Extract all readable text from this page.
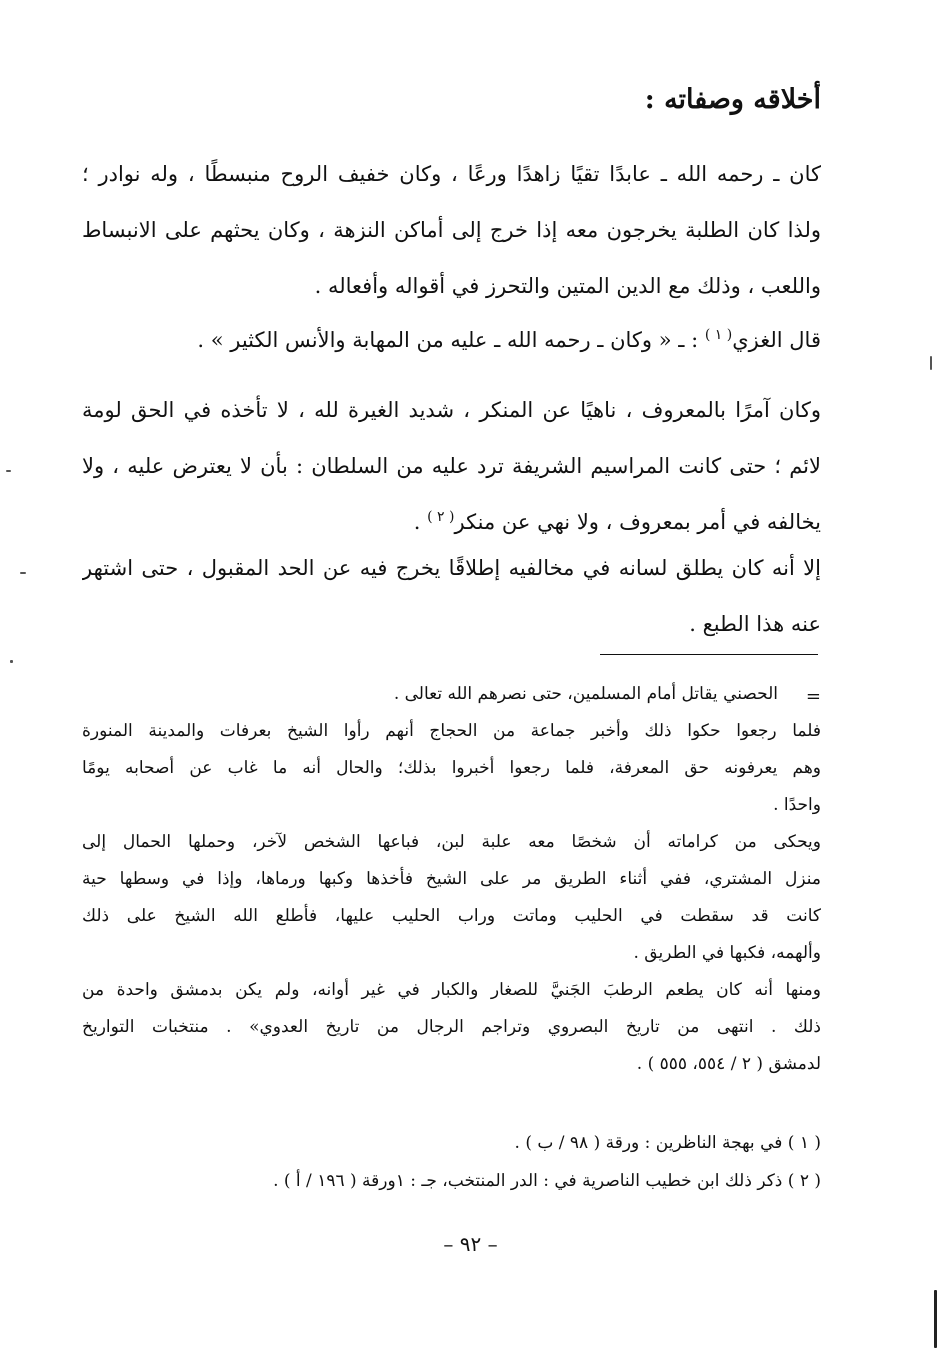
أخلاقه وصفاته :

كان ـ رحمه الله ـ عابدًا تقيًا زاهدًا ورعًا ، وكان خفيف الروح منبسطًا ، وله نوادر ؛
ولذا كان الطلبة يخرجون معه إذا خرج إلى أماكن النزهة ، وكان يحثهم على الانبساط
واللعب ، وذلك مع الدين المتين والتحرز في أقواله وأفعاله .

قال الغزي$^{( ١ )}$ : ـ « وكان ـ رحمه الله ـ عليه من المهابة والأنس الكثير » .

وكان آمرًا بالمعروف ، ناهيًا عن المنكر ، شديد الغيرة لله ، لا تأخذه في الحق لومة
لائم ؛ حتى كانت المراسيم الشريفة ترد عليه من السلطان : بأن لا يعترض عليه ، ولا
يخالفه في أمر بمعروف ، ولا نهي عن منكر$^{( ٢ )}$ .

إلا أنه كان يطلق لسانه في مخالفيه إطلاقًا يخرج فيه عن الحد المقبول ، حتى اشتهر
عنه هذا الطبع .

=
الحصني يقاتل أمام المسلمين، حتى نصرهم الله تعالى .
فلما رجعوا حكوا ذلك وأخبر جماعة من الحجاج أنهم رأوا الشيخ بعرفات والمدينة المنورة
وهم يعرفونه حق المعرفة، فلما رجعوا أخبروا بذلك؛ والحال أنه ما غاب عن أصحابه يومًا
واحدًا .
ويحكى من كراماته أن شخصًا معه علبة لبن، فباعها الشخص لآخر، وحملها الحمال إلى
منزل المشتري، ففي أثناء الطريق مر على الشيخ فأخذها وكبها ورماها، وإذا في وسطها حية
كانت قد سقطت في الحليب وماتت وراب الحليب عليها، فأطلع الله الشيخ على ذلك
وألهمه، فكبها في الطريق .
ومنها أنه كان يطعم الرطبَ الجَنيَّ للصغار والكبار في غير أوانه، ولم يكن بدمشق واحدة من
ذلك . انتهى من تاريخ البصروي وتراجم الرجال من تاريخ العدوي» . منتخبات التواريخ
لدمشق ( ٢ / ٥٥٤، ٥٥٥ ) .
( ١ ) في بهجة الناظرين : ورقة ( ٩٨ / ب ) .
( ٢ ) ذكر ذلك ابن خطيب الناصرية في : الدر المنتخب، جـ : ١ورقة ( ١٩٦ / أ ) .
– ٩٢ –
